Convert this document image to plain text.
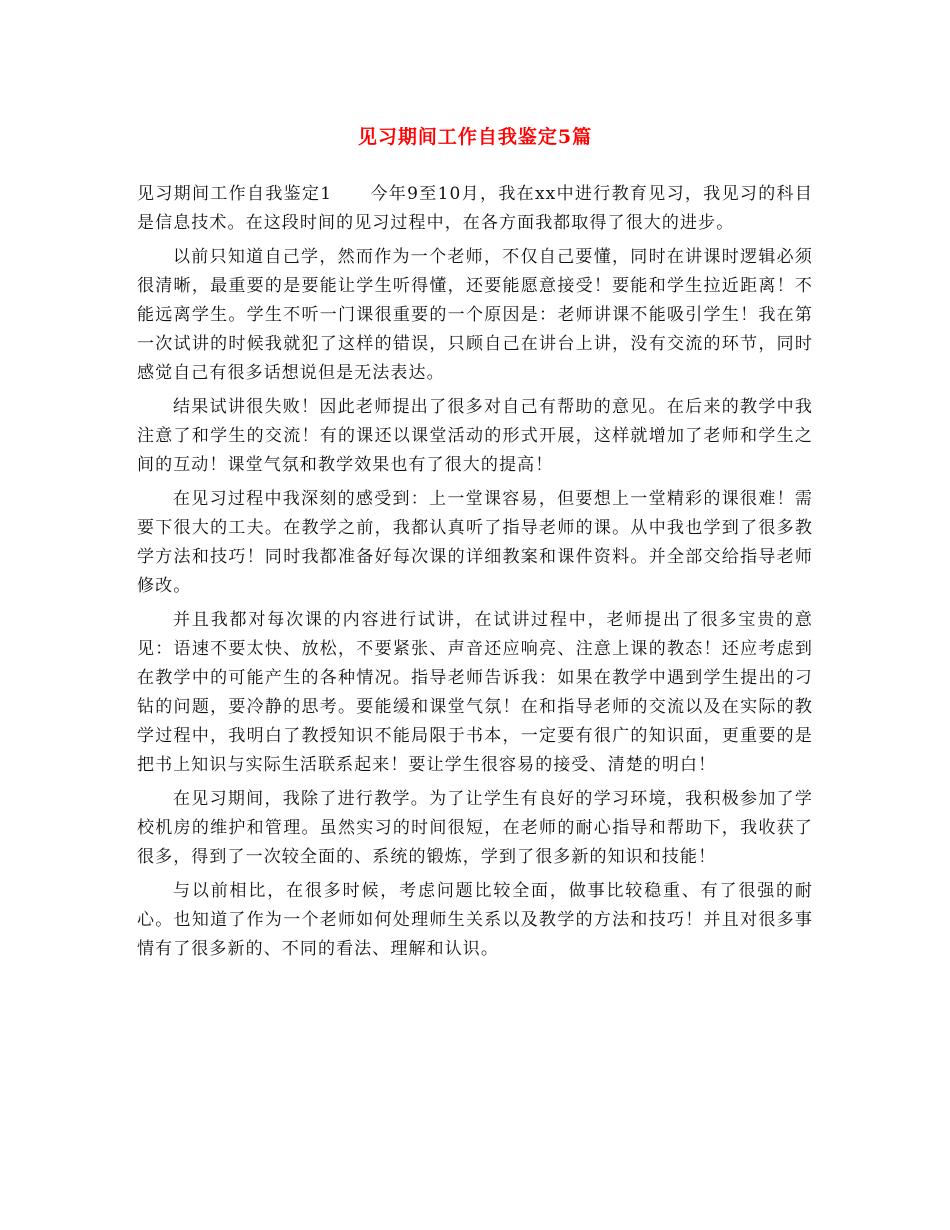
见习期间工作自我鉴定5篇

见习期间工作自我鉴定1 今年9至10月，我在xx中进行教育见习，我见习的科目是信息技术。在这段时间的见习过程中，在各方面我都取得了很大的进步。

以前只知道自己学，然而作为一个老师，不仅自己要懂，同时在讲课时逻辑必须很清晰，最重要的是要能让学生听得懂，还要能愿意接受！要能和学生拉近距离！不能远离学生。学生不听一门课很重要的一个原因是：老师讲课不能吸引学生！我在第一次试讲的时候我就犯了这样的错误，只顾自己在讲台上讲，没有交流的环节，同时感觉自己有很多话想说但是无法表达。

结果试讲很失败！因此老师提出了很多对自己有帮助的意见。在后来的教学中我注意了和学生的交流！有的课还以课堂活动的形式开展，这样就增加了老师和学生之间的互动！课堂气氛和教学效果也有了很大的提高！

在见习过程中我深刻的感受到：上一堂课容易，但要想上一堂精彩的课很难！需要下很大的工夫。在教学之前，我都认真听了指导老师的课。从中我也学到了很多教学方法和技巧！同时我都准备好每次课的详细教案和课件资料。并全部交给指导老师修改。

并且我都对每次课的内容进行试讲，在试讲过程中，老师提出了很多宝贵的意见：语速不要太快、放松，不要紧张、声音还应响亮、注意上课的教态！还应考虑到在教学中的可能产生的各种情况。指导老师告诉我：如果在教学中遇到学生提出的刁钻的问题，要冷静的思考。要能缓和课堂气氛！在和指导老师的交流以及在实际的教学过程中，我明白了教授知识不能局限于书本，一定要有很广的知识面，更重要的是把书上知识与实际生活联系起来！要让学生很容易的接受、清楚的明白！

在见习期间，我除了进行教学。为了让学生有良好的学习环境，我积极参加了学校机房的维护和管理。虽然实习的时间很短，在老师的耐心指导和帮助下，我收获了很多，得到了一次较全面的、系统的锻炼，学到了很多新的知识和技能！

与以前相比，在很多时候，考虑问题比较全面，做事比较稳重、有了很强的耐心。也知道了作为一个老师如何处理师生关系以及教学的方法和技巧！并且对很多事情有了很多新的、不同的看法、理解和认识。
